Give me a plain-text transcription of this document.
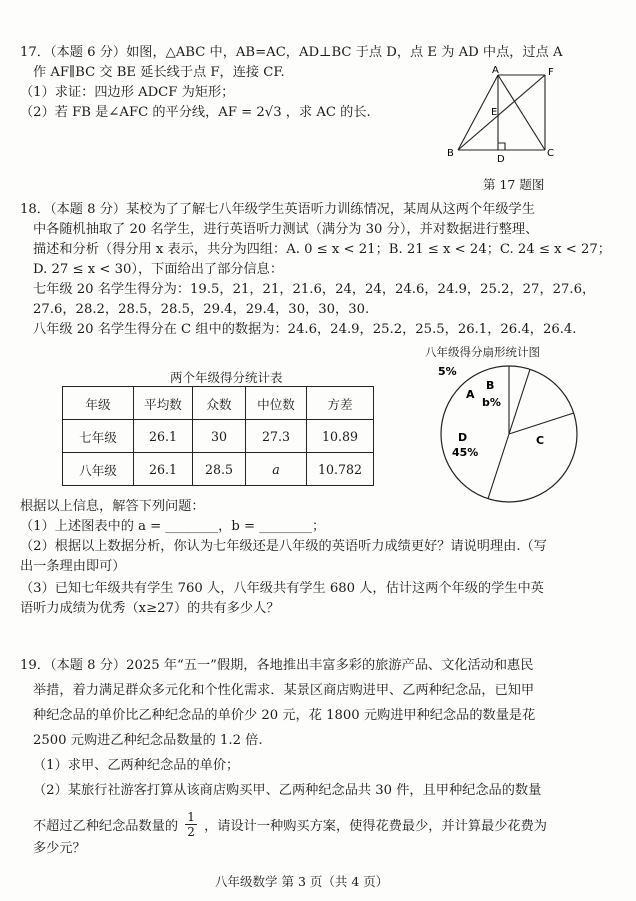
17．（本题 6 分）如图，△ABC 中，AB=AC，AD⊥BC 于点 D，点 E 为 AD 中点，过点 A
作 AF∥BC 交 BE 延长线于点 F，连接 CF.
（1）求证：四边形 ADCF 为矩形；
（2）若 FB 是∠AFC 的平分线，AF = 2√3 ，求 AC 的长.
A	F
E
B
D
C
第 17 题图
18．（本题 8 分）某校为了了解七八年级学生英语听力训练情况，某周从这两个年级学生
中各随机抽取了 20 名学生，进行英语听力测试（满分为 30 分），并对数据进行整理、
描述和分析（得分用 x 表示，共分为四组：A. 0 ≤ x < 21；B. 21 ≤ x < 24；C. 24 ≤ x < 27；
D. 27 ≤ x < 30），下面给出了部分信息：
七年级 20 名学生得分为：19.5，21，21，21.6，24，24，24.6，24.9，25.2，27，27.6，
27.6，28.2，28.5，28.5，29.4，29.4，30，30，30.
八年级 20 名学生得分在 C 组中的数据为：24.6，24.9，25.2，25.5，26.1，26.4，26.4.
两个年级得分统计表
年级	平均数	众数	中位数	方差
七年级	26.1	30	27.3	10.89
八年级	26.1	28.5	a	10.782
八年级得分扇形统计图
A
5%
B
b%
C
D
45%
根据以上信息，解答下列问题：
（1）上述图表中的 a = ________，b = ________；
（2）根据以上数据分析，你认为七年级还是八年级的英语听力成绩更好？请说明理由.（写
出一条理由即可）
（3）已知七年级共有学生 760 人，八年级共有学生 680 人，估计这两个年级的学生中英
语听力成绩为优秀（x≥27）的共有多少人？
19．（本题 8 分）2025 年“五一”假期，各地推出丰富多彩的旅游产品、文化活动和惠民
举措，着力满足群众多元化和个性化需求．某景区商店购进甲、乙两种纪念品，已知甲
种纪念品的单价比乙种纪念品的单价少 20 元，花 1800 元购进甲种纪念品的数量是花
2500 元购进乙种纪念品数量的 1.2 倍.
（1）求甲、乙两种纪念品的单价；
（2）某旅行社游客打算从该商店购买甲、乙两种纪念品共 30 件，且甲种纪念品的数量
不超过乙种纪念品数量的 $\frac{1}{2}$ ，请设计一种购买方案，使得花费最少，并计算最少花费为
多少元？
八年级数学 第 3 页（共 4 页）
